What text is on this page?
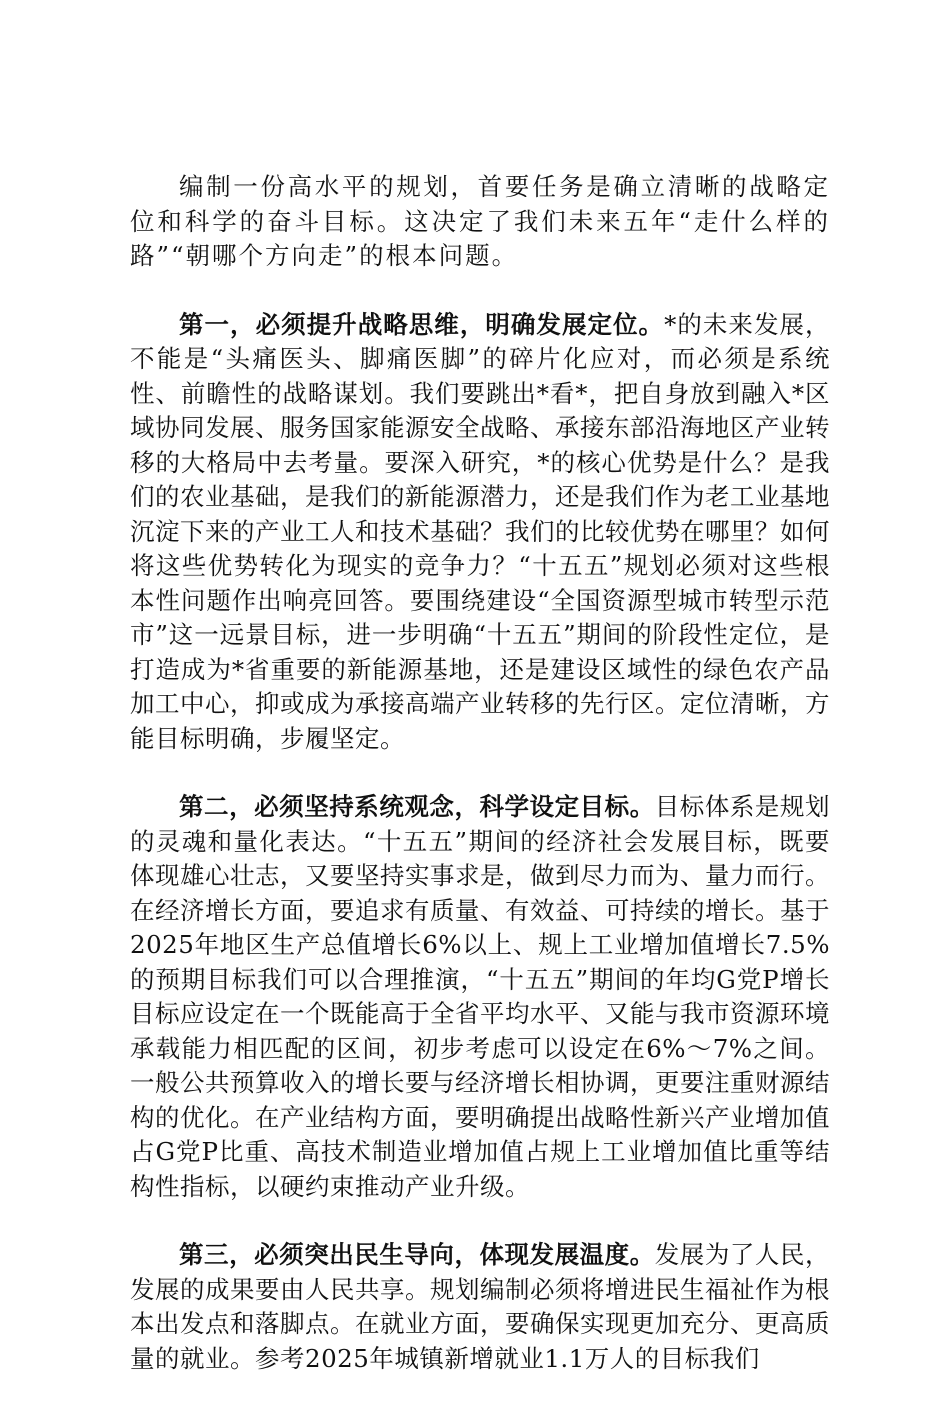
编制一份高水平的规划，首要任务是确立清晰的战略定位和科学的奋斗目标。这决定了我们未来五年“走什么样的路”“朝哪个方向走”的根本问题。

第一，必须提升战略思维，明确发展定位。*的未来发展，不能是“头痛医头、脚痛医脚”的碎片化应对，而必须是系统性、前瞻性的战略谋划。我们要跳出*看*，把自身放到融入*区域协同发展、服务国家能源安全战略、承接东部沿海地区产业转移的大格局中去考量。要深入研究，*的核心优势是什么？是我们的农业基础，是我们的新能源潜力，还是我们作为老工业基地沉淀下来的产业工人和技术基础？我们的比较优势在哪里？如何将这些优势转化为现实的竞争力？“十五五”规划必须对这些根本性问题作出响亮回答。要围绕建设“全国资源型城市转型示范市”这一远景目标，进一步明确“十五五”期间的阶段性定位，是打造成为*省重要的新能源基地，还是建设区域性的绿色农产品加工中心，抑或成为承接高端产业转移的先行区。定位清晰，方能目标明确，步履坚定。

第二，必须坚持系统观念，科学设定目标。目标体系是规划的灵魂和量化表达。“十五五”期间的经济社会发展目标，既要体现雄心壮志，又要坚持实事求是，做到尽力而为、量力而行。在经济增长方面，要追求有质量、有效益、可持续的增长。基于2025年地区生产总值增长6%以上、规上工业增加值增长7.5%的预期目标我们可以合理推演，“十五五”期间的年均G党P增长目标应设定在一个既能高于全省平均水平、又能与我市资源环境承载能力相匹配的区间，初步考虑可以设定在6%～7%之间。一般公共预算收入的增长要与经济增长相协调，更要注重财源结构的优化。在产业结构方面，要明确提出战略性新兴产业增加值占G党P比重、高技术制造业增加值占规上工业增加值比重等结构性指标，以硬约束推动产业升级。

第三，必须突出民生导向，体现发展温度。发展为了人民，发展的成果要由人民共享。规划编制必须将增进民生福祉作为根本出发点和落脚点。在就业方面，要确保实现更加充分、更高质量的就业。参考2025年城镇新增就业1.1万人的目标我们
